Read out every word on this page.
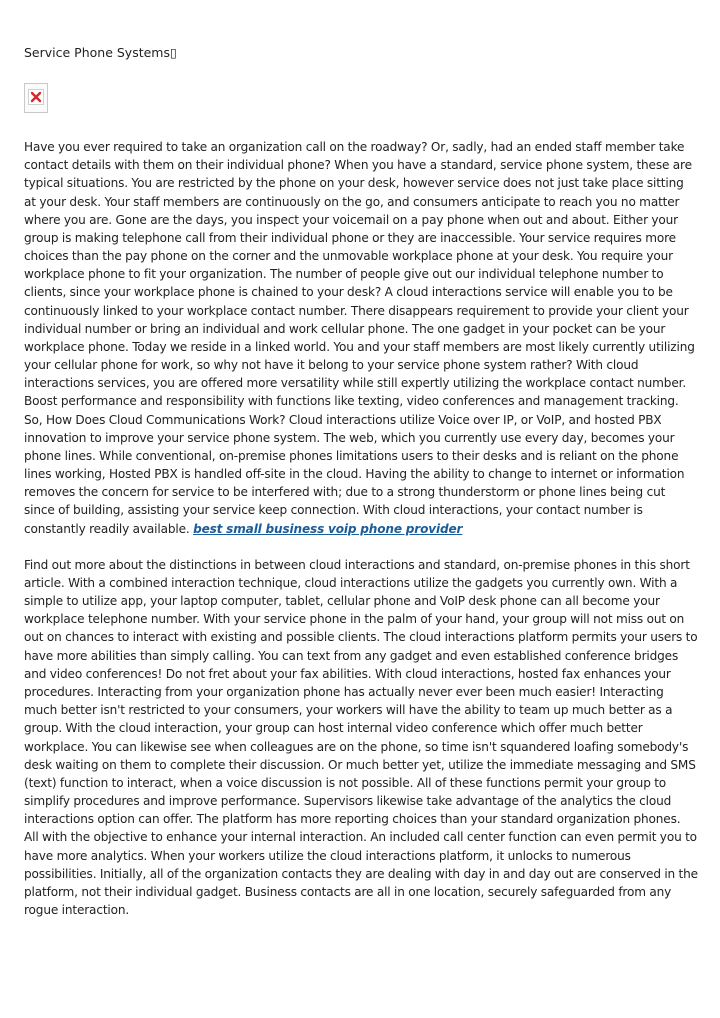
Service Phone Systems▯

Have you ever required to take an organization call on the roadway? Or, sadly, had an ended staff member take contact details with them on their individual phone? When you have a standard, service phone system, these are typical situations. You are restricted by the phone on your desk, however service does not just take place sitting at your desk. Your staff members are continuously on the go, and consumers anticipate to reach you no matter where you are. Gone are the days, you inspect your voicemail on a pay phone when out and about. Either your group is making telephone call from their individual phone or they are inaccessible. Your service requires more choices than the pay phone on the corner and the unmovable workplace phone at your desk. You require your workplace phone to fit your organization. The number of people give out our individual telephone number to clients, since your workplace phone is chained to your desk? A cloud interactions service will enable you to be continuously linked to your workplace contact number. There disappears requirement to provide your client your individual number or bring an individual and work cellular phone. The one gadget in your pocket can be your workplace phone. Today we reside in a linked world. You and your staff members are most likely currently utilizing your cellular phone for work, so why not have it belong to your service phone system rather? With cloud interactions services, you are offered more versatility while still expertly utilizing the workplace contact number. Boost performance and responsibility with functions like texting, video conferences and management tracking. So, How Does Cloud Communications Work? Cloud interactions utilize Voice over IP, or VoIP, and hosted PBX innovation to improve your service phone system. The web, which you currently use every day, becomes your phone lines. While conventional, on-premise phones limitations users to their desks and is reliant on the phone lines working, Hosted PBX is handled off-site in the cloud. Having the ability to change to internet or information removes the concern for service to be interfered with; due to a strong thunderstorm or phone lines being cut since of building, assisting your service keep connection. With cloud interactions, your contact number is constantly readily available. best small business voip phone provider

Find out more about the distinctions in between cloud interactions and standard, on-premise phones in this short article. With a combined interaction technique, cloud interactions utilize the gadgets you currently own. With a simple to utilize app, your laptop computer, tablet, cellular phone and VoIP desk phone can all become your workplace telephone number. With your service phone in the palm of your hand, your group will not miss out on out on chances to interact with existing and possible clients. The cloud interactions platform permits your users to have more abilities than simply calling. You can text from any gadget and even established conference bridges and video conferences! Do not fret about your fax abilities. With cloud interactions, hosted fax enhances your procedures. Interacting from your organization phone has actually never ever been much easier! Interacting much better isn't restricted to your consumers, your workers will have the ability to team up much better as a group. With the cloud interaction, your group can host internal video conference which offer much better workplace. You can likewise see when colleagues are on the phone, so time isn't squandered loafing somebody's desk waiting on them to complete their discussion. Or much better yet, utilize the immediate messaging and SMS (text) function to interact, when a voice discussion is not possible. All of these functions permit your group to simplify procedures and improve performance. Supervisors likewise take advantage of the analytics the cloud interactions option can offer. The platform has more reporting choices than your standard organization phones. All with the objective to enhance your internal interaction. An included call center function can even permit you to have more analytics. When your workers utilize the cloud interactions platform, it unlocks to numerous possibilities. Initially, all of the organization contacts they are dealing with day in and day out are conserved in the platform, not their individual gadget. Business contacts are all in one location, securely safeguarded from any rogue interaction.
